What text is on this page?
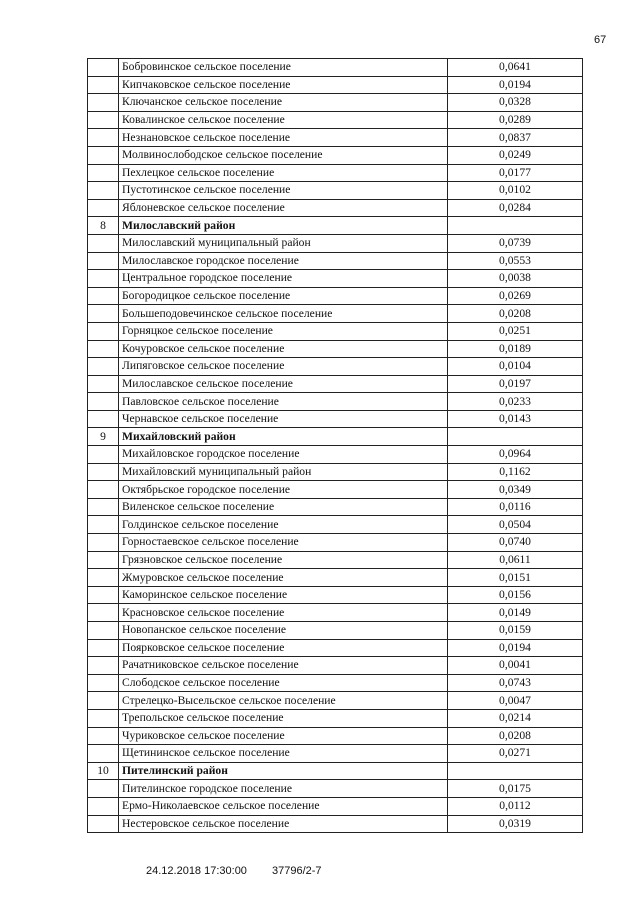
67
	Бобровинское сельское поселение	0,0641
	Кипчаковское сельское поселение	0,0194
	Ключанское сельское поселение	0,0328
	Ковалинское сельское поселение	0,0289
	Незнановское сельское поселение	0,0837
	Молвинослободское сельское поселение	0,0249
	Пехлецкое сельское поселение	0,0177
	Пустотинское сельское поселение	0,0102
	Яблоневское сельское поселение	0,0284
8	Милославский район	
	Милославский муниципальный район	0,0739
	Милославское городское поселение	0,0553
	Центральное городское поселение	0,0038
	Богородицкое сельское поселение	0,0269
	Большеподовечинское сельское поселение	0,0208
	Горняцкое сельское поселение	0,0251
	Кочуровское сельское поселение	0,0189
	Липяговское сельское поселение	0,0104
	Милославское сельское поселение	0,0197
	Павловское сельское поселение	0,0233
	Чернавское сельское поселение	0,0143
9	Михайловский район	
	Михайловское городское поселение	0,0964
	Михайловский муниципальный район	0,1162
	Октябрьское городское поселение	0,0349
	Виленское сельское поселение	0,0116
	Голдинское сельское поселение	0,0504
	Горностаевское сельское поселение	0,0740
	Грязновское сельское поселение	0,0611
	Жмуровское сельское поселение	0,0151
	Каморинское сельское поселение	0,0156
	Красновское сельское поселение	0,0149
	Новопанское сельское поселение	0,0159
	Поярковское сельское поселение	0,0194
	Рачатниковское сельское поселение	0,0041
	Слободское сельское поселение	0,0743
	Стрелецко-Высельское сельское поселение	0,0047
	Трепольское сельское поселение	0,0214
	Чуриковское сельское поселение	0,0208
	Щетининское сельское поселение	0,0271
10	Пителинский район	
	Пителинское городское поселение	0,0175
	Ермо-Николаевское сельское поселение	0,0112
	Нестеровское сельское поселение	0,0319
24.12.2018 17:30:00 37796/2-7
